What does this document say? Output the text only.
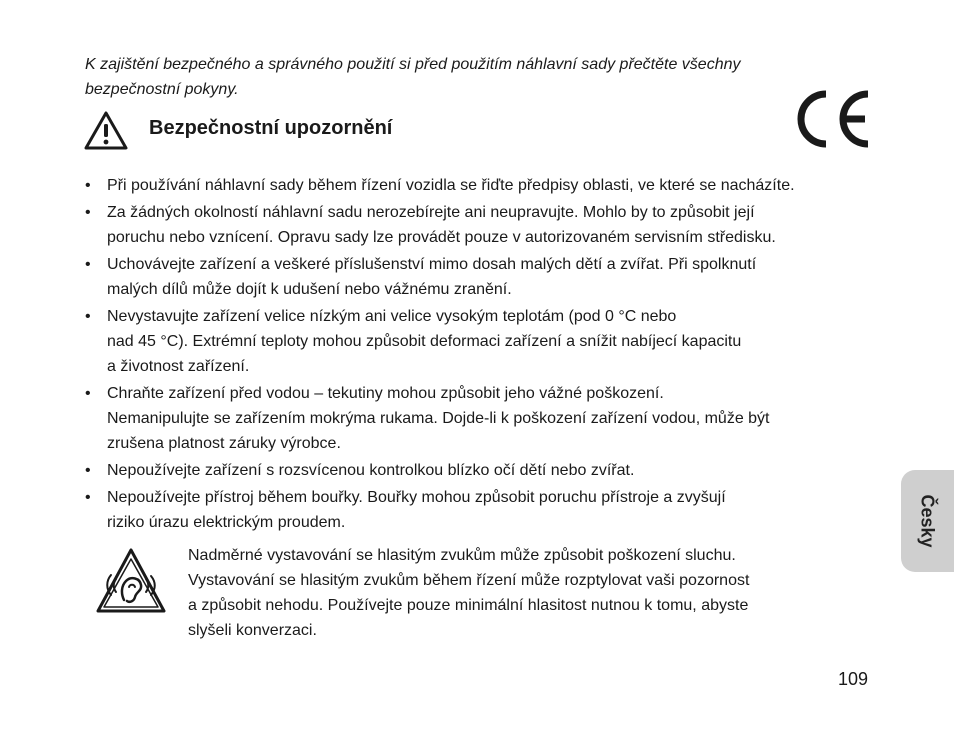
K zajištění bezpečného a správného použití si před použitím náhlavní sady přečtěte všechny
bezpečnostní pokyny.

Bezpečnostní upozornění
• Při používání náhlavní sady během řízení vozidla se řiďte předpisy oblasti, ve které se nacházíte.
• Za žádných okolností náhlavní sadu nerozebírejte ani neupravujte. Mohlo by to způsobit její
poruchu nebo vznícení. Opravu sady lze provádět pouze v autorizovaném servisním středisku.
• Uchovávejte zařízení a veškeré příslušenství mimo dosah malých dětí a zvířat. Při spolknutí
malých dílů může dojít k udušení nebo vážnému zranění.
• Nevystavujte zařízení velice nízkým ani velice vysokým teplotám (pod 0 °C nebo
nad 45 °C). Extrémní teploty mohou způsobit deformaci zařízení a snížit nabíjecí kapacitu
a životnost zařízení.
• Chraňte zařízení před vodou – tekutiny mohou způsobit jeho vážné poškození.
Nemanipulujte se zařízením mokrýma rukama. Dojde-li k poškození zařízení vodou, může být
zrušena platnost záruky výrobce.
• Nepoužívejte zařízení s rozsvícenou kontrolkou blízko očí dětí nebo zvířat.
• Nepoužívejte přístroj během bouřky. Bouřky mohou způsobit poruchu přístroje a zvyšují
riziko úrazu elektrickým proudem.

Nadměrné vystavování se hlasitým zvukům může způsobit poškození sluchu.
Vystavování se hlasitým zvukům během řízení může rozptylovat vaši pozornost
a způsobit nehodu. Používejte pouze minimální hlasitost nutnou k tomu, abyste
slyšeli konverzaci.

109
Česky
